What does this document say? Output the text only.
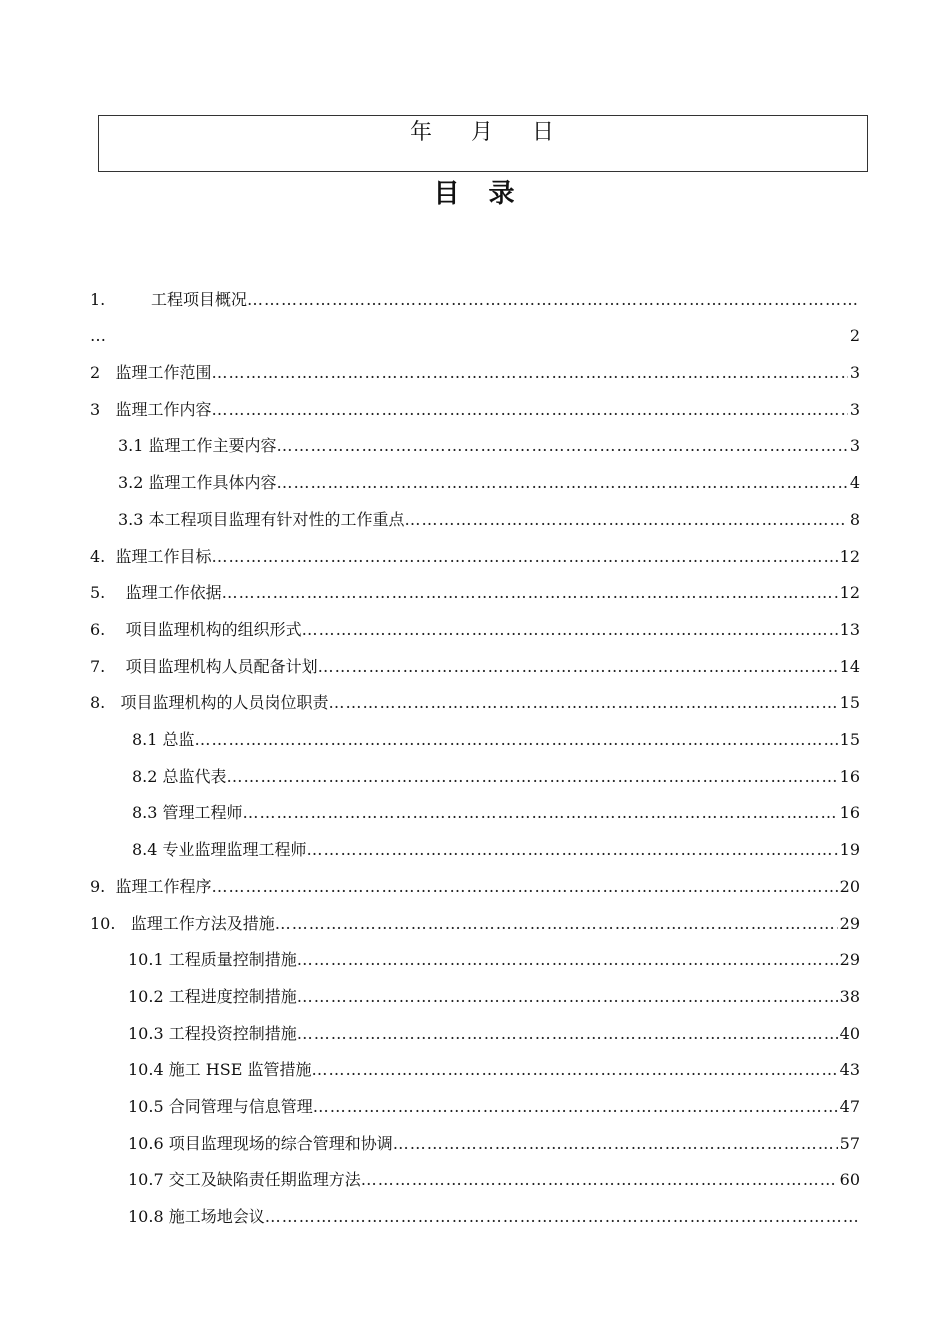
年 月 日
目 录
1.         工程项目概况
…………………………………………………………………………………………………………………………………………………………………………………………………………
…	2
2   监理工作范围 …………………………………………………………………………………………………………………………………………………………………………………………………………	3
3   监理工作内容 …………………………………………………………………………………………………………………………………………………………………………………………………………	3
3.1 监理工作主要内容 …………………………………………………………………………………………………………………………………………………………………………………………………………	3
3.2 监理工作具体内容 …………………………………………………………………………………………………………………………………………………………………………………………………………	4
3.3 本工程项目监理有针对性的工作重点 …………………………………………………………………………………………………………………………………………………………………………………………………………	8
4.  监理工作目标 …………………………………………………………………………………………………………………………………………………………………………………………………………	12
5.    监理工作依据 …………………………………………………………………………………………………………………………………………………………………………………………………………	12
6.    项目监理机构的组织形式 …………………………………………………………………………………………………………………………………………………………………………………………………………	13
7.    项目监理机构人员配备计划 …………………………………………………………………………………………………………………………………………………………………………………………………………	14
8.   项目监理机构的人员岗位职责 …………………………………………………………………………………………………………………………………………………………………………………………………………	15
8.1 总监 …………………………………………………………………………………………………………………………………………………………………………………………………………	15
8.2 总监代表 …………………………………………………………………………………………………………………………………………………………………………………………………………	16
8.3 管理工程师 …………………………………………………………………………………………………………………………………………………………………………………………………………	16
8.4 专业监理监理工程师 …………………………………………………………………………………………………………………………………………………………………………………………………………	19
9.  监理工作程序 …………………………………………………………………………………………………………………………………………………………………………………………………………	20
10.   监理工作方法及措施 …………………………………………………………………………………………………………………………………………………………………………………………………………	29
10.1 工程质量控制措施 …………………………………………………………………………………………………………………………………………………………………………………………………………	29
10.2 工程进度控制措施 …………………………………………………………………………………………………………………………………………………………………………………………………………	38
10.3 工程投资控制措施 …………………………………………………………………………………………………………………………………………………………………………………………………………	40
10.4 施工 HSE 监管措施 …………………………………………………………………………………………………………………………………………………………………………………………………………	43
10.5 合同管理与信息管理 …………………………………………………………………………………………………………………………………………………………………………………………………………	47
10.6 项目监理现场的综合管理和协调 …………………………………………………………………………………………………………………………………………………………………………………………………………	57
10.7 交工及缺陷责任期监理方法 …………………………………………………………………………………………………………………………………………………………………………………………………………	60
10.8 施工场地会议
…………………………………………………………………………………………………………………………………………………………………………………………………………
